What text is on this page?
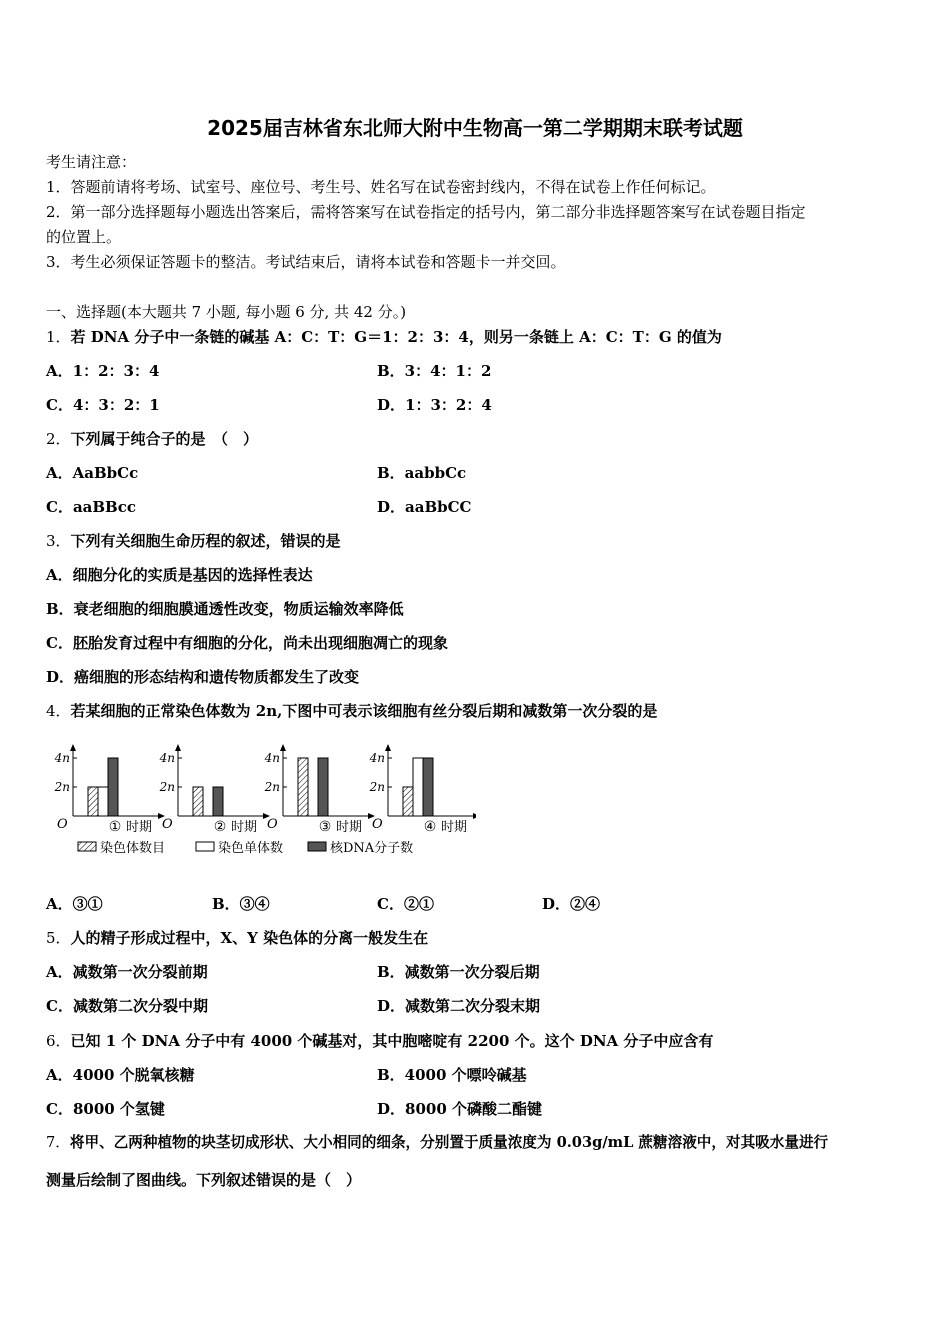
2025届吉林省东北师大附中生物高一第二学期期末联考试题
考生请注意：
1．答题前请将考场、试室号、座位号、考生号、姓名写在试卷密封线内，不得在试卷上作任何标记。
2．第一部分选择题每小题选出答案后，需将答案写在试卷指定的括号内，第二部分非选择题答案写在试卷题目指定
的位置上。
3．考生必须保证答题卡的整洁。考试结束后，请将本试卷和答题卡一并交回。
一、选择题(本大题共 7 小题, 每小题 6 分, 共 42 分。)
1．若 DNA 分子中一条链的碱基 A：C：T：G＝1：2：3：4，则另一条链上 A：C：T：G 的值为
A．1：2：3：4	B．3：4：1：2
C．4：3：2：1	D．1：3：2：4
2．下列属于纯合子的是　（　）
A．AaBbCc	B．aabbCc
C．aaBBcc	D．aaBbCC
3．下列有关细胞生命历程的叙述，错误的是
A．细胞分化的实质是基因的选择性表达
B．衰老细胞的细胞膜通透性改变，物质运输效率降低
C．胚胎发育过程中有细胞的分化，尚未出现细胞凋亡的现象
D．癌细胞的形态结构和遗传物质都发生了改变
4．若某细胞的正常染色体数为 2n,下图中可表示该细胞有丝分裂后期和减数第一次分裂的是
4n
2n
O	① 时期
4n
2n
O	② 时期
4n
2n
O	③ 时期
4n
2n
O	④ 时期
染色体数目	染色单体数	核DNA分子数
A．③①	B．③④	C．②①	D．②④
5．人的精子形成过程中，X、Y 染色体的分离一般发生在
A．减数第一次分裂前期	B．减数第一次分裂后期
C．减数第二次分裂中期	D．减数第二次分裂末期
6．已知 1 个 DNA 分子中有 4000 个碱基对，其中胞嘧啶有 2200 个。这个 DNA 分子中应含有
A．4000 个脱氧核糖	B．4000 个嘌呤碱基
C．8000 个氢键	D．8000 个磷酸二酯键
7．将甲、乙两种植物的块茎切成形状、大小相同的细条，分别置于质量浓度为 0.03g/mL 蔗糖溶液中，对其吸水量进行
测量后绘制了图曲线。下列叙述错误的是（　）
